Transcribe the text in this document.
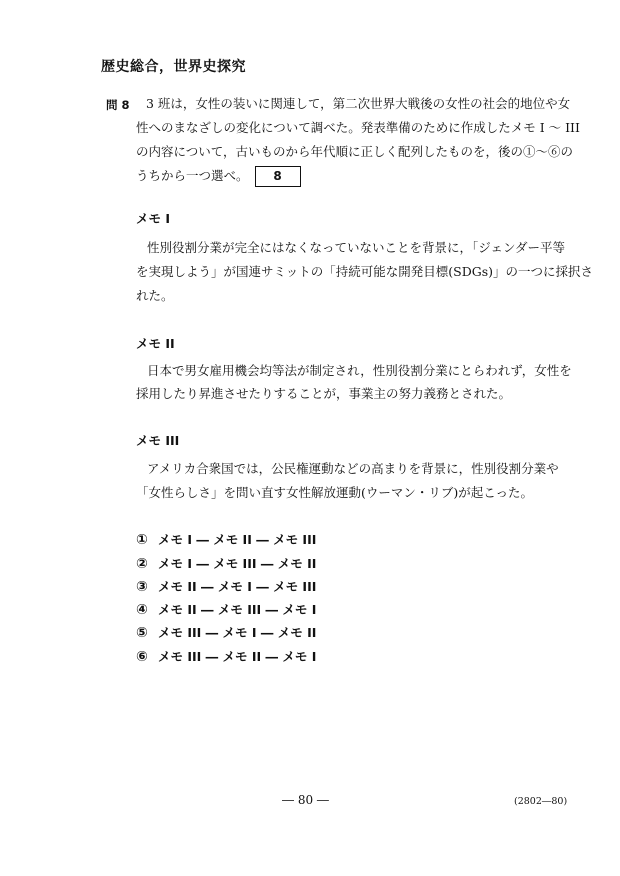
歴史総合，世界史探究
問 8 3 班は，女性の装いに関連して，第二次世界大戦後の女性の社会的地位や女
性へのまなざしの変化について調べた。発表準備のために作成したメモ I ～ III
の内容について，古いものから年代順に正しく配列したものを，後の①～⑥の
うちから一つ選べ。 8
メモ I
性別役割分業が完全にはなくなっていないことを背景に，「ジェンダー平等
を実現しよう」が国連サミットの「持続可能な開発目標(SDGs)」の一つに採択さ
れた。
メモ II
日本で男女雇用機会均等法が制定され，性別役割分業にとらわれず，女性を
採用したり昇進させたりすることが，事業主の努力義務とされた。
メモ III
アメリカ合衆国では，公民権運動などの高まりを背景に，性別役割分業や
「女性らしさ」を問い直す女性解放運動(ウーマン・リブ)が起こった。
① メモ I ― メモ II ― メモ III
② メモ I ― メモ III ― メモ II
③ メモ II ― メモ I ― メモ III
④ メモ II ― メモ III ― メモ I
⑤ メモ III ― メモ I ― メモ II
⑥ メモ III ― メモ II ― メモ I
― 80 ―	(2802―80)
